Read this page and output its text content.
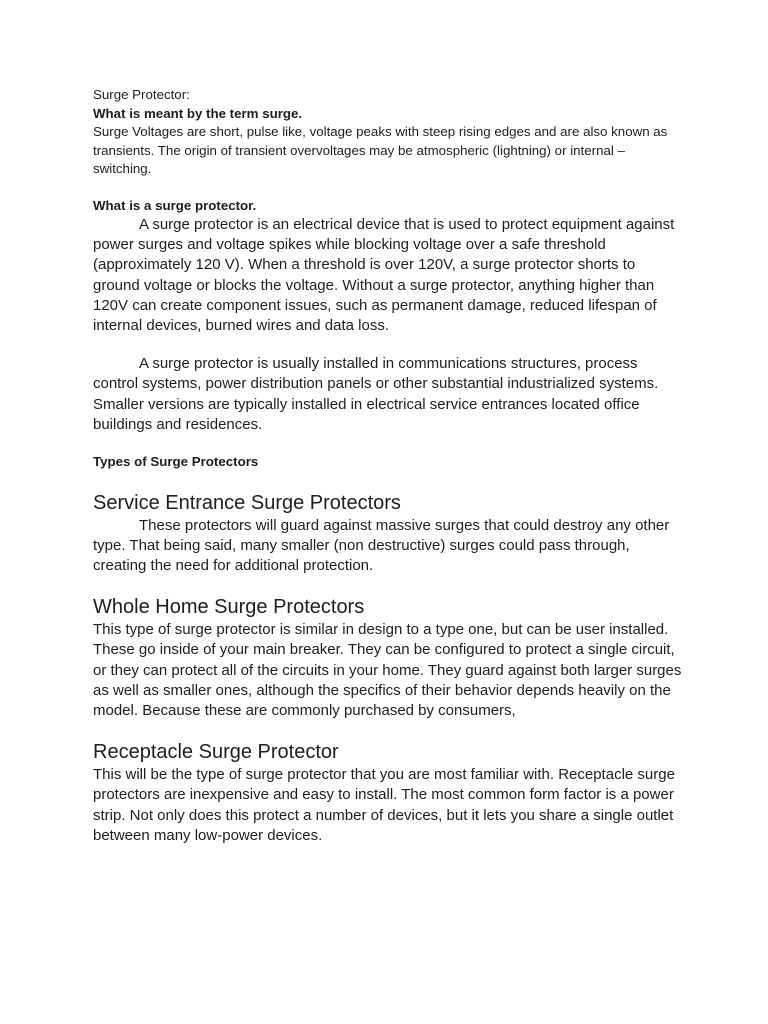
Surge Protector:

What is meant by the term surge.

Surge Voltages are short, pulse like, voltage peaks with steep rising edges and are also known as transients. The origin of transient overvoltages may be atmospheric (lightning) or internal – switching.

What is a surge protector.

A surge protector is an electrical device that is used to protect equipment against power surges and voltage spikes while blocking voltage over a safe threshold (approximately 120 V). When a threshold is over 120V, a surge protector shorts to ground voltage or blocks the voltage. Without a surge protector, anything higher than 120V can create component issues, such as permanent damage, reduced lifespan of internal devices, burned wires and data loss.

A surge protector is usually installed in communications structures, process control systems, power distribution panels or other substantial industrialized systems. Smaller versions are typically installed in electrical service entrances located office buildings and residences.

Types of Surge Protectors

Service Entrance Surge Protectors

These protectors will guard against massive surges that could destroy any other type. That being said, many smaller (non destructive) surges could pass through, creating the need for additional protection.

Whole Home Surge Protectors

This type of surge protector is similar in design to a type one, but can be user installed. These go inside of your main breaker. They can be configured to protect a single circuit, or they can protect all of the circuits in your home. They guard against both larger surges as well as smaller ones, although the specifics of their behavior depends heavily on the model. Because these are commonly purchased by consumers,

Receptacle Surge Protector

This will be the type of surge protector that you are most familiar with. Receptacle surge protectors are inexpensive and easy to install. The most common form factor is a power strip. Not only does this protect a number of devices, but it lets you share a single outlet between many low-power devices.
